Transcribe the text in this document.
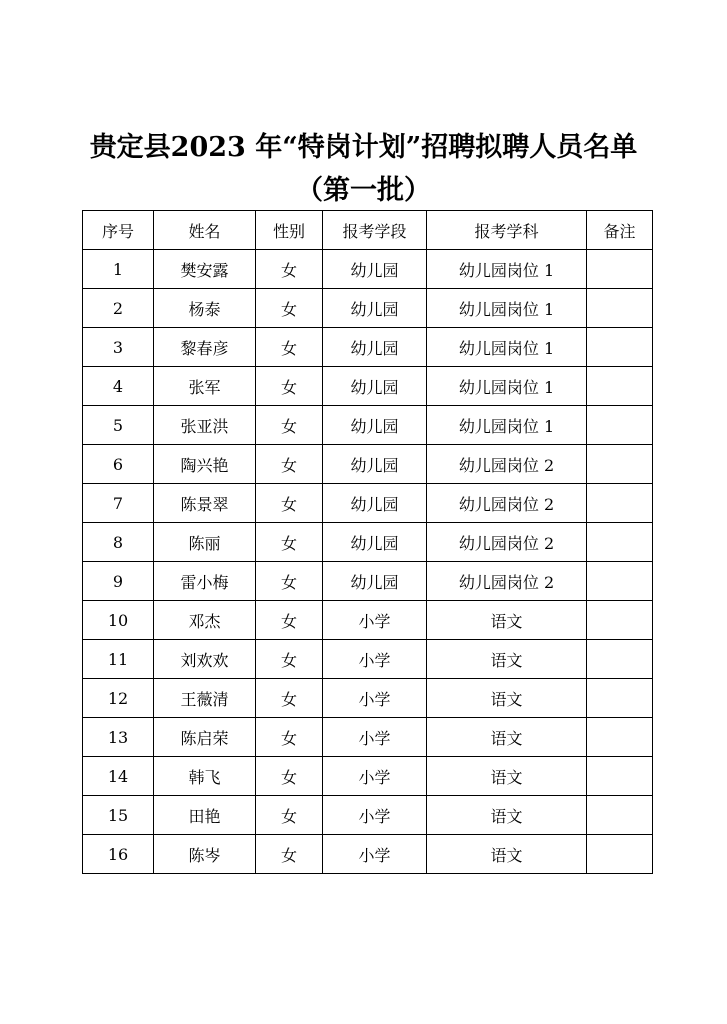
贵定县2023 年“特岗计划”招聘拟聘人员名单
（第一批）
序号	姓名	性别	报考学段	报考学科	备注
1	樊安露	女	幼儿园	幼儿园岗位 1	
2	杨泰	女	幼儿园	幼儿园岗位 1	
3	黎春彦	女	幼儿园	幼儿园岗位 1	
4	张军	女	幼儿园	幼儿园岗位 1	
5	张亚洪	女	幼儿园	幼儿园岗位 1	
6	陶兴艳	女	幼儿园	幼儿园岗位 2	
7	陈景翠	女	幼儿园	幼儿园岗位 2	
8	陈丽	女	幼儿园	幼儿园岗位 2	
9	雷小梅	女	幼儿园	幼儿园岗位 2	
10	邓杰	女	小学	语文	
11	刘欢欢	女	小学	语文	
12	王薇清	女	小学	语文	
13	陈启荣	女	小学	语文	
14	韩飞	女	小学	语文	
15	田艳	女	小学	语文	
16	陈岑	女	小学	语文	
